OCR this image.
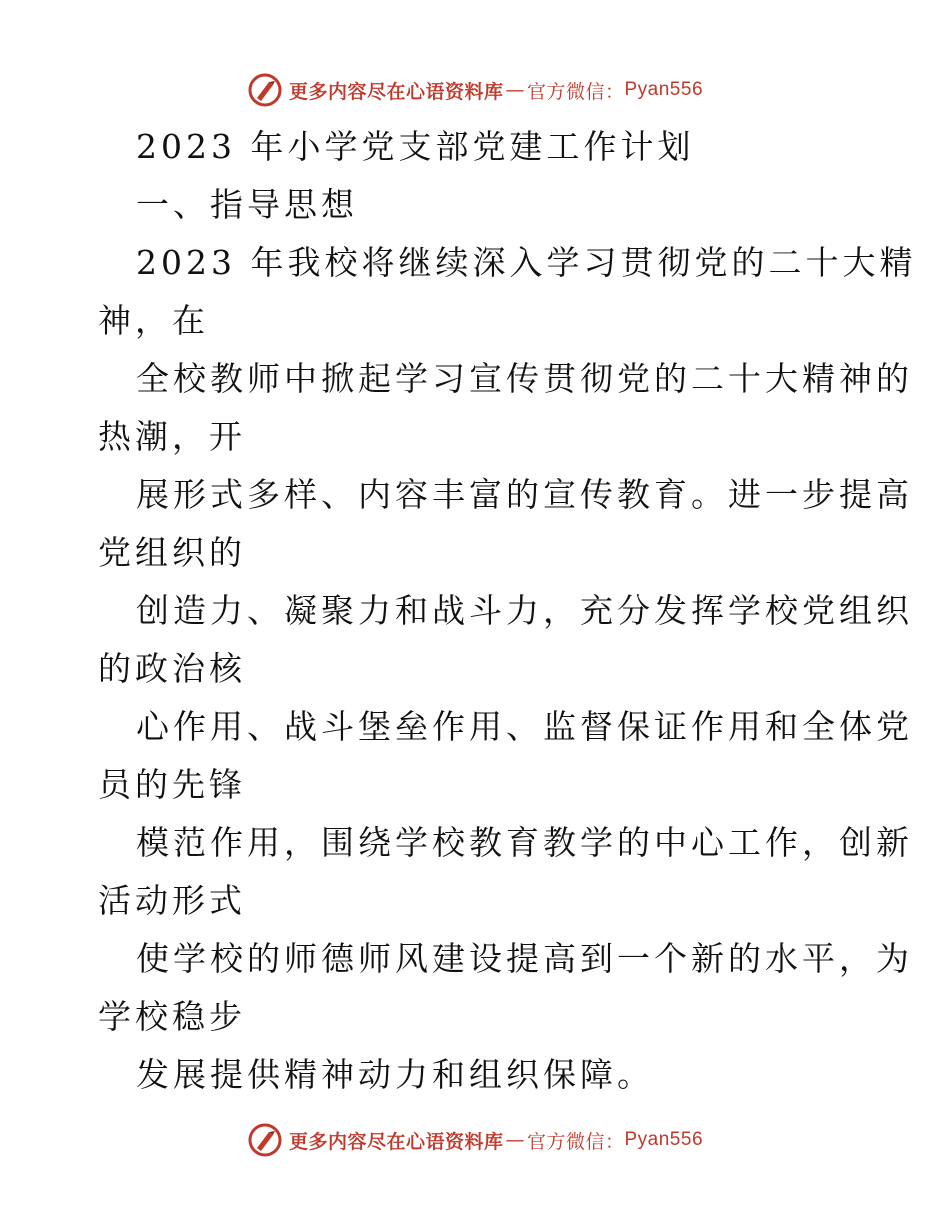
更多内容尽在心语资料库 — 官方微信： Pyan556
2023 年小学党支部党建工作计划
一、指导思想
2023 年我校将继续深入学习贯彻党的二十大精
神，在
全校教师中掀起学习宣传贯彻党的二十大精神的
热潮，开
展形式多样、内容丰富的宣传教育。进一步提高
党组织的
创造力、凝聚力和战斗力，充分发挥学校党组织
的政治核
心作用、战斗堡垒作用、监督保证作用和全体党
员的先锋
模范作用，围绕学校教育教学的中心工作，创新
活动形式
使学校的师德师风建设提高到一个新的水平，为
学校稳步
发展提供精神动力和组织保障。
更多内容尽在心语资料库 — 官方微信： Pyan556
